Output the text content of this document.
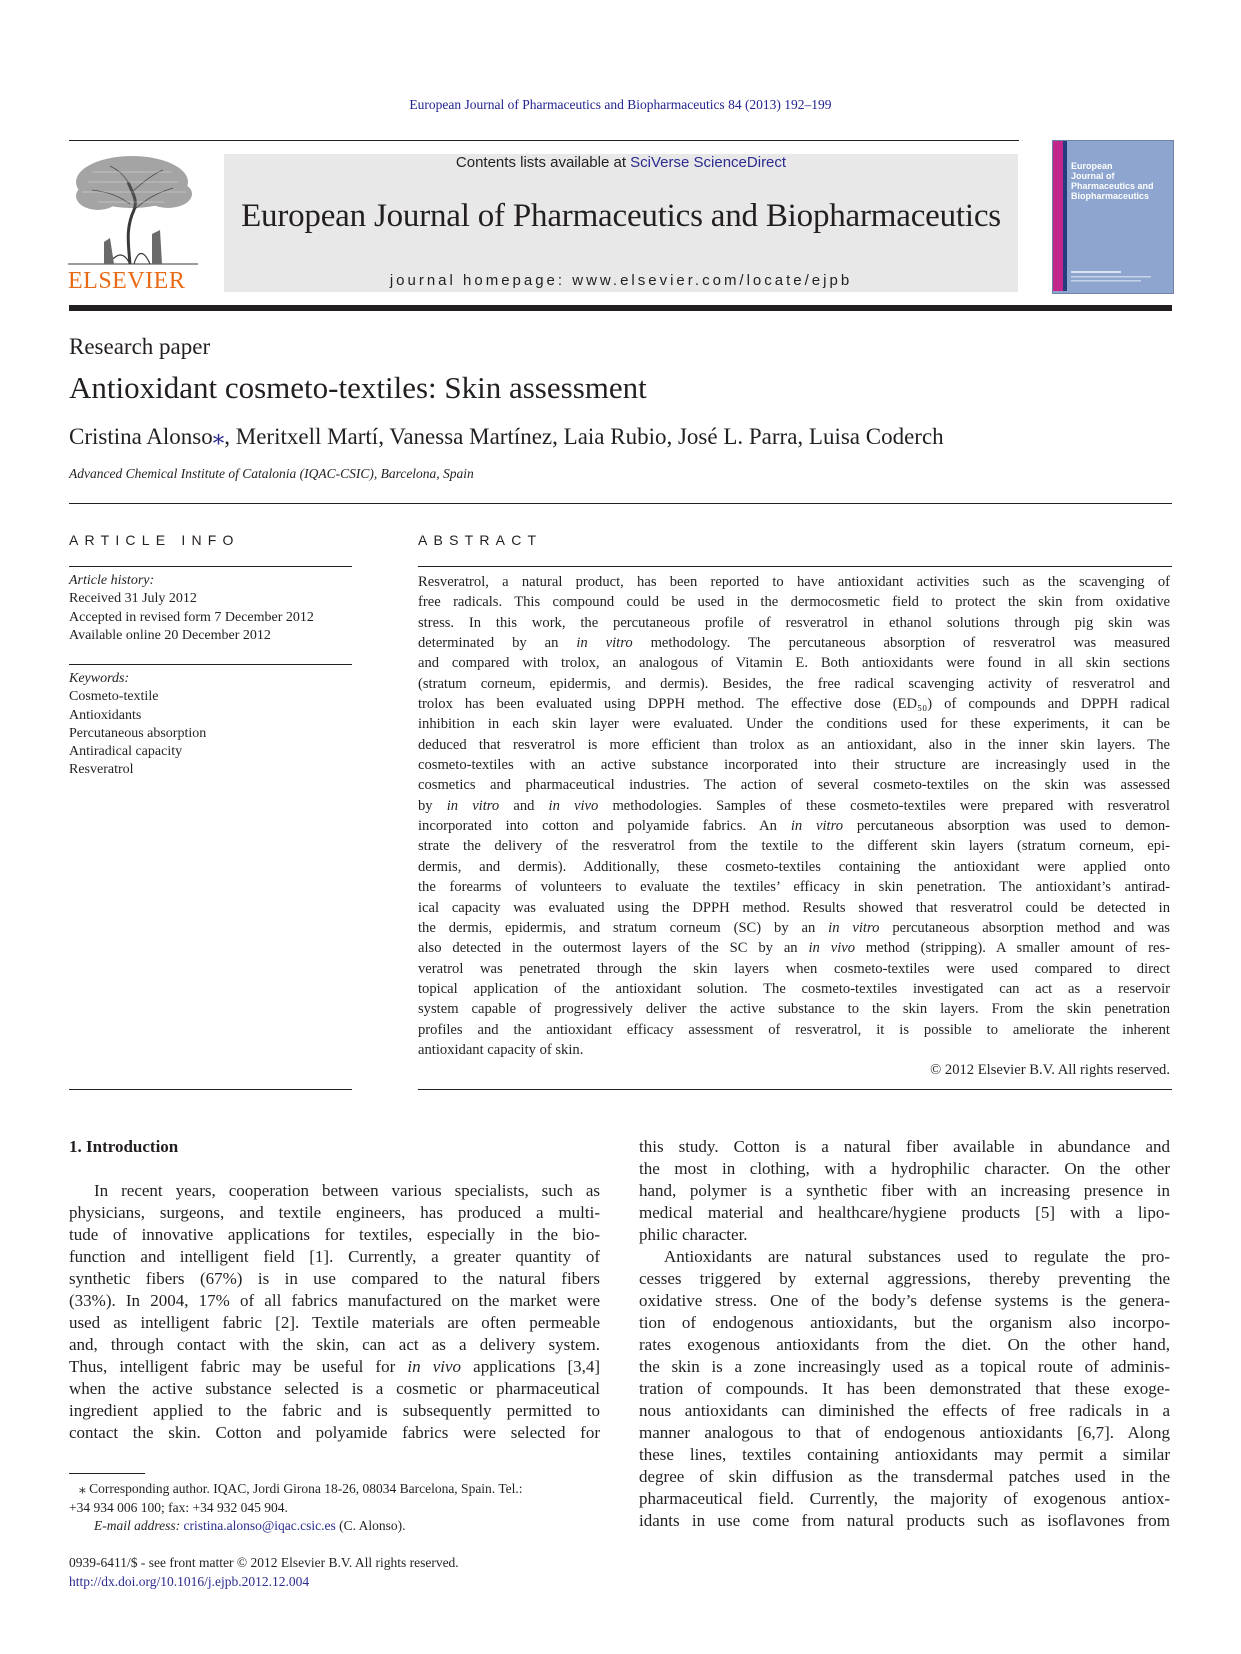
European Journal of Pharmaceutics and Biopharmaceutics 84 (2013) 192–199
ELSEVIER
Contents lists available at SciVerse ScienceDirect
European Journal of Pharmaceutics and Biopharmaceutics
journal homepage: www.elsevier.com/locate/ejpb
European
Journal of
Pharmaceutics and
Biopharmaceutics
Research paper
Antioxidant cosmeto-textiles: Skin assessment
Cristina Alonso⁎, Meritxell Martí, Vanessa Martínez, Laia Rubio, José L. Parra, Luisa Coderch
Advanced Chemical Institute of Catalonia (IQAC-CSIC), Barcelona, Spain
ARTICLE INFO
Article history:
Received 31 July 2012
Accepted in revised form 7 December 2012
Available online 20 December 2012
Keywords:
Cosmeto-textile
Antioxidants
Percutaneous absorption
Antiradical capacity
Resveratrol
ABSTRACT
Resveratrol, a natural product, has been reported to have antioxidant activities such as the scavenging of
free radicals. This compound could be used in the dermocosmetic field to protect the skin from oxidative
stress. In this work, the percutaneous profile of resveratrol in ethanol solutions through pig skin was
determinated by an in vitro methodology. The percutaneous absorption of resveratrol was measured
and compared with trolox, an analogous of Vitamin E. Both antioxidants were found in all skin sections
(stratum corneum, epidermis, and dermis). Besides, the free radical scavenging activity of resveratrol and
trolox has been evaluated using DPPH method. The effective dose (ED₅₀) of compounds and DPPH radical
inhibition in each skin layer were evaluated. Under the conditions used for these experiments, it can be
deduced that resveratrol is more efficient than trolox as an antioxidant, also in the inner skin layers. The
cosmeto-textiles with an active substance incorporated into their structure are increasingly used in the
cosmetics and pharmaceutical industries. The action of several cosmeto-textiles on the skin was assessed
by in vitro and in vivo methodologies. Samples of these cosmeto-textiles were prepared with resveratrol
incorporated into cotton and polyamide fabrics. An in vitro percutaneous absorption was used to demon-
strate the delivery of the resveratrol from the textile to the different skin layers (stratum corneum, epi-
dermis, and dermis). Additionally, these cosmeto-textiles containing the antioxidant were applied onto
the forearms of volunteers to evaluate the textiles’ efficacy in skin penetration. The antioxidant’s antirad-
ical capacity was evaluated using the DPPH method. Results showed that resveratrol could be detected in
the dermis, epidermis, and stratum corneum (SC) by an in vitro percutaneous absorption method and was
also detected in the outermost layers of the SC by an in vivo method (stripping). A smaller amount of res-
veratrol was penetrated through the skin layers when cosmeto-textiles were used compared to direct
topical application of the antioxidant solution. The cosmeto-textiles investigated can act as a reservoir
system capable of progressively deliver the active substance to the skin layers. From the skin penetration
profiles and the antioxidant efficacy assessment of resveratrol, it is possible to ameliorate the inherent
antioxidant capacity of skin.
© 2012 Elsevier B.V. All rights reserved.
1. Introduction
In recent years, cooperation between various specialists, such as
physicians, surgeons, and textile engineers, has produced a multi-
tude of innovative applications for textiles, especially in the bio-
function and intelligent field [1]. Currently, a greater quantity of
synthetic fibers (67%) is in use compared to the natural fibers
(33%). In 2004, 17% of all fabrics manufactured on the market were
used as intelligent fabric [2]. Textile materials are often permeable
and, through contact with the skin, can act as a delivery system.
Thus, intelligent fabric may be useful for in vivo applications [3,4]
when the active substance selected is a cosmetic or pharmaceutical
ingredient applied to the fabric and is subsequently permitted to
contact the skin. Cotton and polyamide fabrics were selected for
this study. Cotton is a natural fiber available in abundance and
the most in clothing, with a hydrophilic character. On the other
hand, polymer is a synthetic fiber with an increasing presence in
medical material and healthcare/hygiene products [5] with a lipo-
philic character.
Antioxidants are natural substances used to regulate the pro-
cesses triggered by external aggressions, thereby preventing the
oxidative stress. One of the body’s defense systems is the genera-
tion of endogenous antioxidants, but the organism also incorpo-
rates exogenous antioxidants from the diet. On the other hand,
the skin is a zone increasingly used as a topical route of adminis-
tration of compounds. It has been demonstrated that these exoge-
nous antioxidants can diminished the effects of free radicals in a
manner analogous to that of endogenous antioxidants [6,7]. Along
these lines, textiles containing antioxidants may permit a similar
degree of skin diffusion as the transdermal patches used in the
pharmaceutical field. Currently, the majority of exogenous antiox-
idants in use come from natural products such as isoflavones from
⁎ Corresponding author. IQAC, Jordi Girona 18-26, 08034 Barcelona, Spain. Tel.:
+34 934 006 100; fax: +34 932 045 904.
E-mail address: cristina.alonso@iqac.csic.es (C. Alonso).
0939-6411/$ - see front matter © 2012 Elsevier B.V. All rights reserved.
http://dx.doi.org/10.1016/j.ejpb.2012.12.004
